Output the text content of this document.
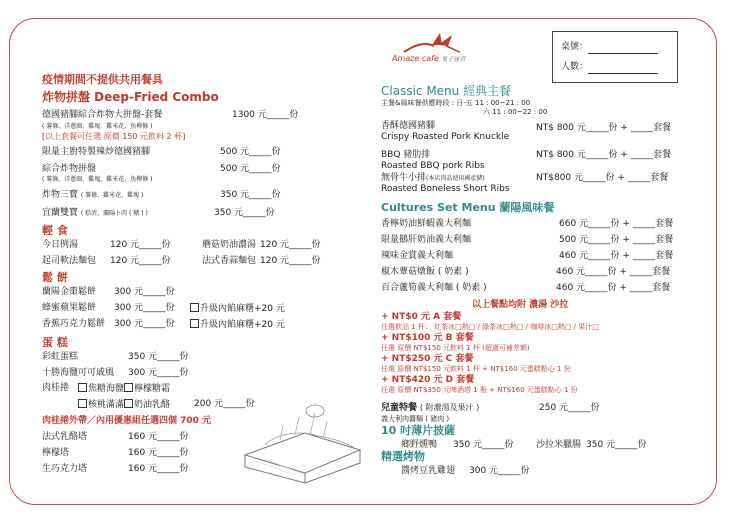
Amaze cafe 兔子迷宮
桌號：
人數：
疫情期間不提供共用餐具
炸物拼盤 Deep-Fried Combo
德國豬腳綜合炸物大拼盤-套餐	1300 元_____份
( 薯條、洋蔥圈、雞塊、雞米花、魚柳條 )
[以上套餐可任選 原價 150 元飲料 2 杯]
限量主廚特製辣炒德國豬腳	500 元_____份
綜合炸物拼盤	500 元_____份
( 薯條、洋蔥圈、雞塊、雞米花、魚柳條 )
炸物三寶 ( 薯條、雞米花、雞塊 )	350 元_____份
宜蘭雙寶 ( 糕渣、蘭陽卜肉 ( 豬 ) )	350 元_____份
輕 食
今日例湯	120 元_____份	蘑菇奶油濃湯 120 元_____份
起司軟法麵包 120 元_____份	法式香蒜麵包 120 元_____份
鬆 餅
蘭陽金棗鬆餅 300 元_____份
蜂蜜蘋果鬆餅 300 元_____份	升級內餡麻糬+20 元
香蕉巧克力鬆餅 300 元_____份	升級內餡麻糬+20 元
蛋 糕
彩虹蛋糕	350 元_____份
十勝海鹽可可戚風 300 元_____份
肉桂捲	焦糖海鹽 檸檬糖霜
核桃滿滿 奶油乳酪	200 元_____份
肉桂捲外帶／內用優惠組任選四個 700 元
法式乳酪塔	160 元_____份
檸檬塔	160 元_____份
生巧克力塔	160 元_____份
Classic Menu 經典主餐
主餐&風味餐供應時段 : 日-五 11 : 00~21 : 00
六 11 : 00~22 : 00
香酥德國豬腳
Crispy Roasted Pork Knuckle
NT$ 800 元_____份 + _____套餐
BBQ 豬肋排
Roasted BBQ pork Ribs
NT$ 800 元_____份 + _____套餐
無骨牛小排(本店肉品使用國產豬)
Roasted Boneless Short Ribs
NT$800 元_____份 + _____套餐
Cultures Set Menu 蘭陽風味餐
香檸奶油鮮蝦義大利麵	660 元_____份 + _____套餐
限量鵝肝奶油義大利麵	500 元_____份 + _____套餐
辣味金賞義大利麵	460 元_____份 + _____套餐
椒木蕈菇燉飯 ( 奶素 )	460 元_____份 + _____套餐
百合蘆筍義大利麵 ( 奶素 )	460 元_____份 + _____套餐
以上餐點均附 濃湯 沙拉
+ NT$0 元 A 套餐
任選飲品 1 杯： 紅茶冰□熱□ / 綠茶冰□熱□ / 咖啡冰□熱□ / 果汁□
+ NT$100 元 B 套餐
任選 原價 NT$150 元飲料 1 杯 (超過可補差額)
+ NT$250 元 C 套餐
任選 原價 NT$150 元飲料 1 杯 + NT$160 元蛋糕點心 1 份
+ NT$420 元 D 套餐
任選 原價 NT$350 元啤酒塔 1 瓶 + NT$160 元蛋糕點心 1 份
兒童特餐 ( 附濃湯及果汁 )	250 元_____份
義大利肉醬麵 ( 豬肉 )
10 吋薄片披薩
鄉野燻鴨 350 元_____份 沙拉米臘腸 350 元_____份
精選烤物
醬烤豆乳雞翅 300 元_____份
